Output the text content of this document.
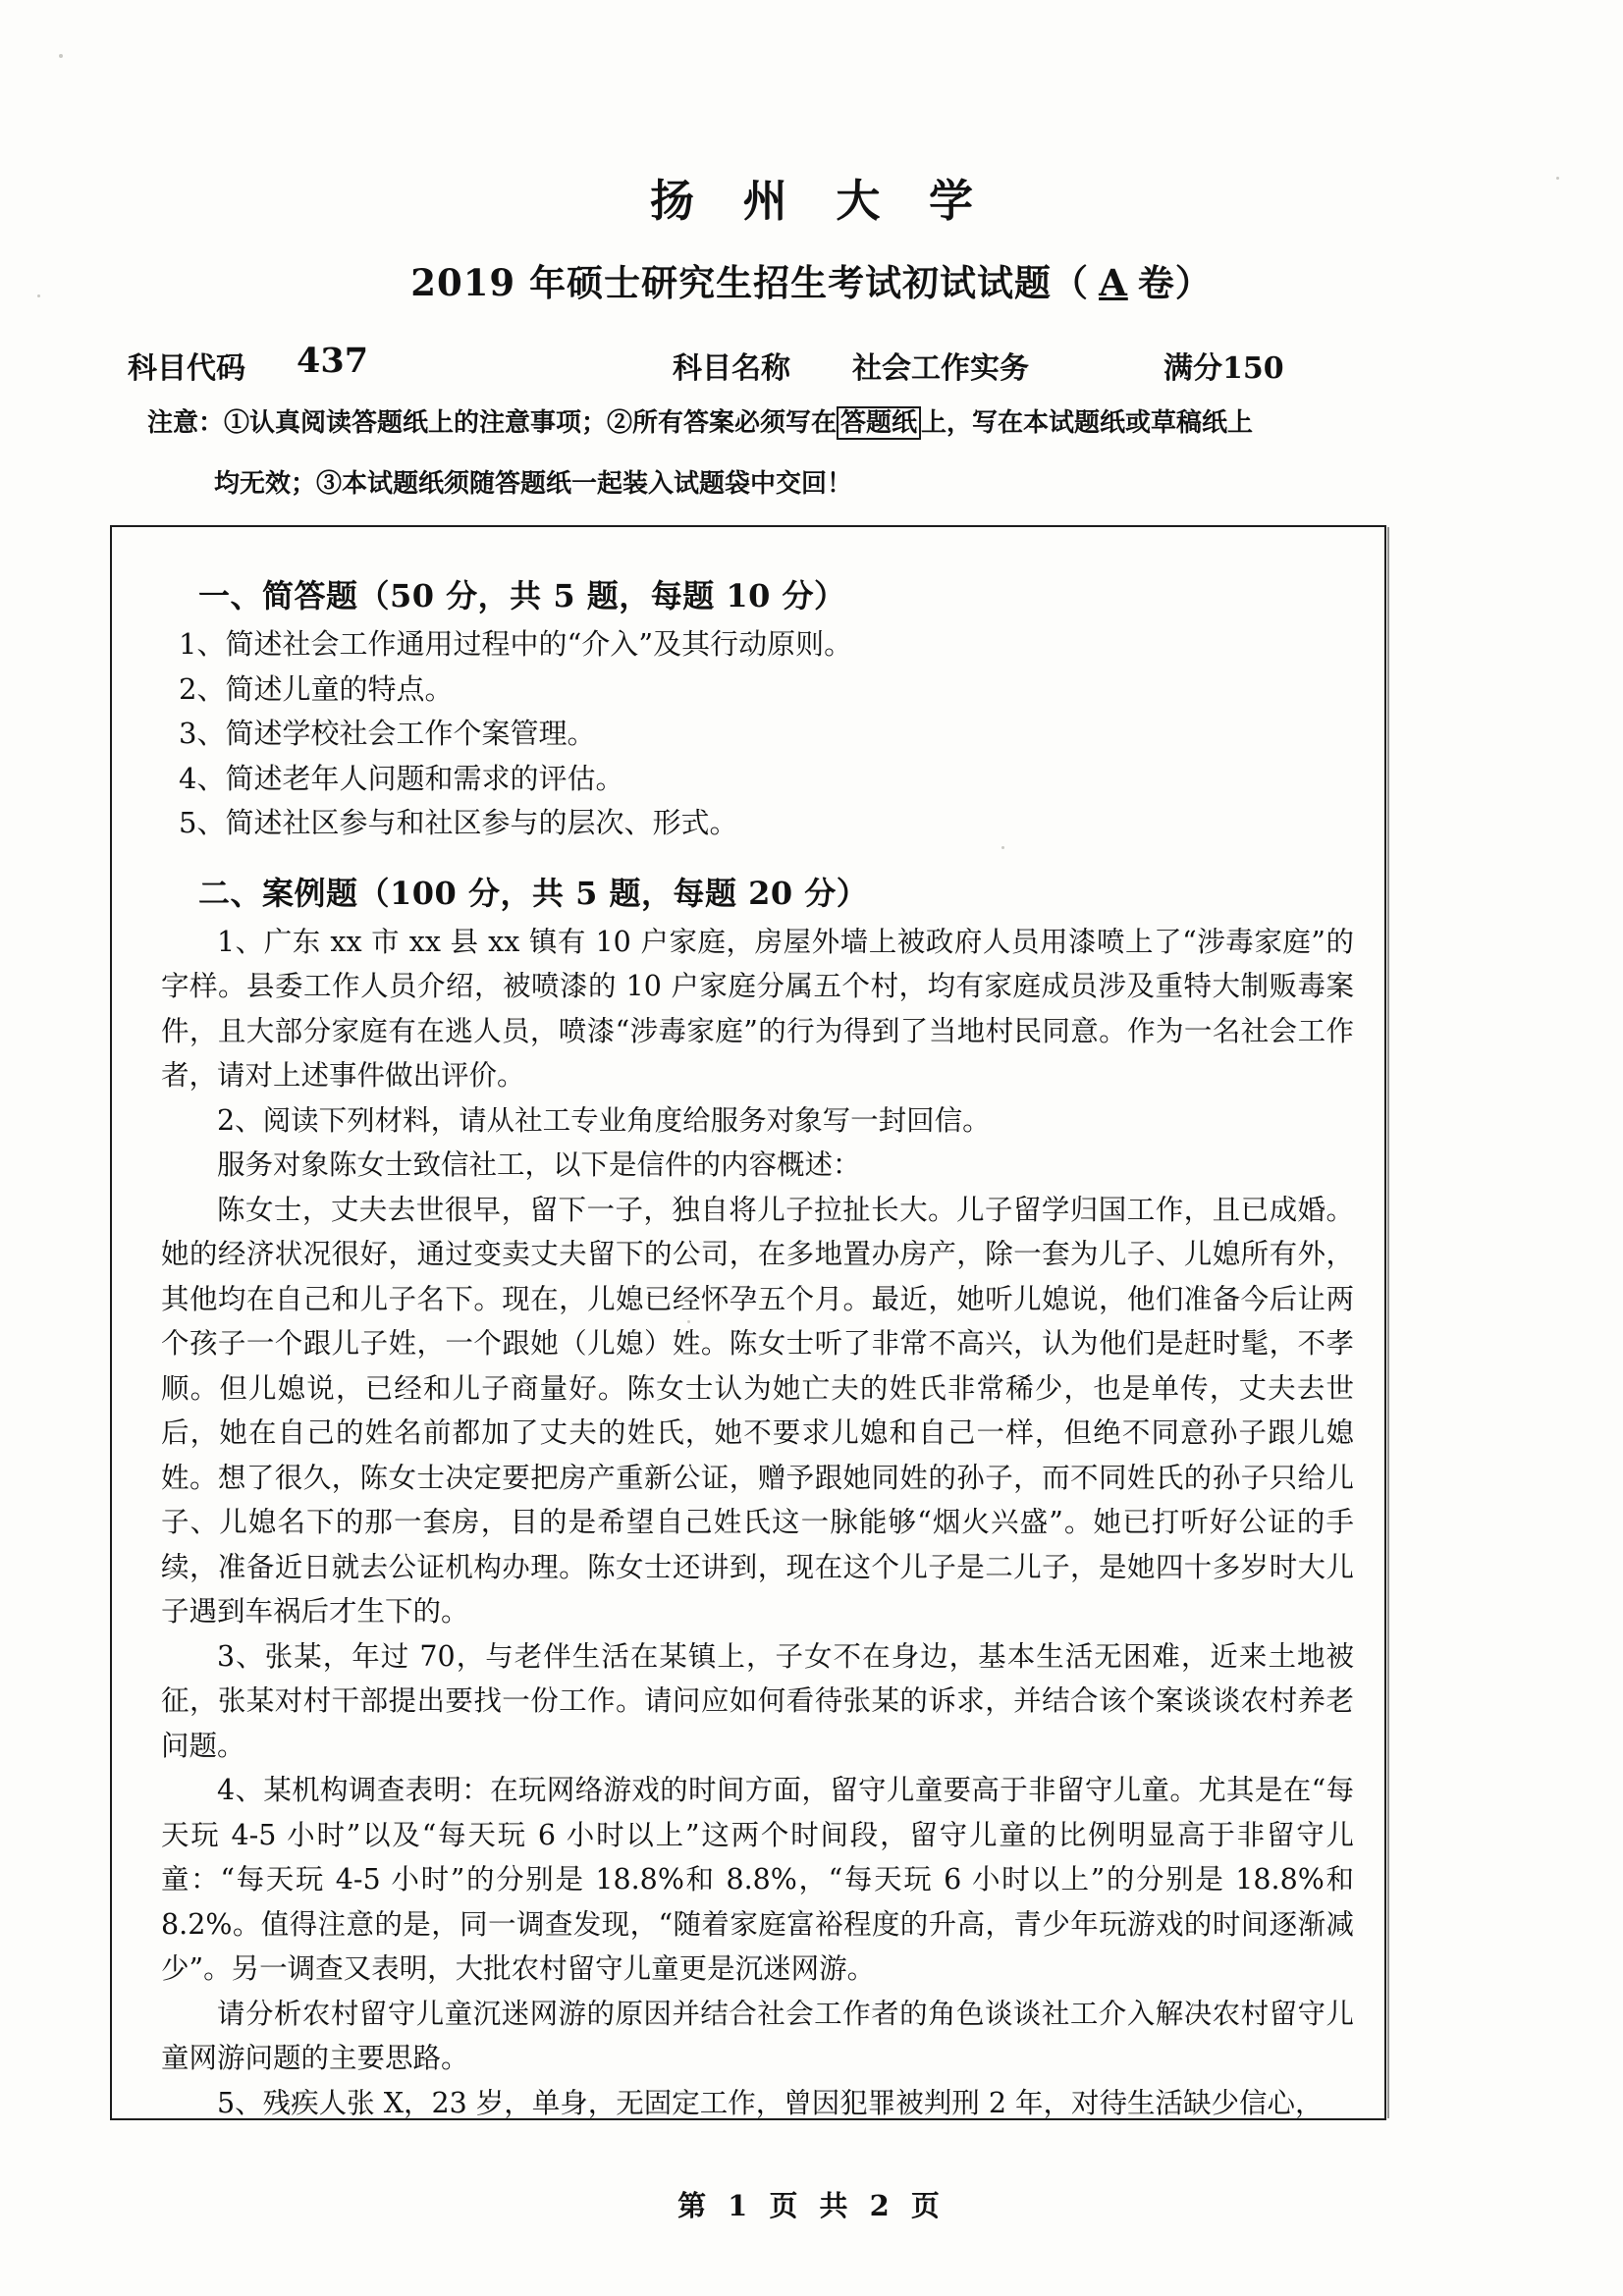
扬 州 大 学
2019 年硕士研究生招生考试初试试题（ A 卷）
科目代码 437	科目名称 社会工作实务	满分150
注意：①认真阅读答题纸上的注意事项；②所有答案必须写在 答题纸 上，写在本试题纸或草稿纸上
均无效；③本试题纸须随答题纸一起装入试题袋中交回！
一、简答题（50 分，共 5 题，每题 10 分）

1、简述社会工作通用过程中的“介入”及其行动原则。

2、简述儿童的特点。

3、简述学校社会工作个案管理。

4、简述老年人问题和需求的评估。

5、简述社区参与和社区参与的层次、形式。

二、案例题（100 分，共 5 题，每题 20 分）

1、广东 xx 市 xx 县 xx 镇有 10 户家庭，房屋外墙上被政府人员用漆喷上了“涉毒家庭”的字样。县委工作人员介绍，被喷漆的 10 户家庭分属五个村，均有家庭成员涉及重特大制贩毒案件，且大部分家庭有在逃人员，喷漆“涉毒家庭”的行为得到了当地村民同意。作为一名社会工作者，请对上述事件做出评价。

2、阅读下列材料，请从社工专业角度给服务对象写一封回信。

服务对象陈女士致信社工，以下是信件的内容概述：

陈女士，丈夫去世很早，留下一子，独自将儿子拉扯长大。儿子留学归国工作，且已成婚。她的经济状况很好，通过变卖丈夫留下的公司，在多地置办房产，除一套为儿子、儿媳所有外，其他均在自己和儿子名下。现在，儿媳已经怀孕五个月。最近，她听儿媳说，他们准备今后让两个孩子一个跟儿子姓，一个跟她（儿媳）姓。陈女士听了非常不高兴，认为他们是赶时髦，不孝顺。但儿媳说，已经和儿子商量好。陈女士认为她亡夫的姓氏非常稀少，也是单传，丈夫去世后，她在自己的姓名前都加了丈夫的姓氏，她不要求儿媳和自己一样，但绝不同意孙子跟儿媳姓。想了很久，陈女士决定要把房产重新公证，赠予跟她同姓的孙子，而不同姓氏的孙子只给儿子、儿媳名下的那一套房，目的是希望自己姓氏这一脉能够“烟火兴盛”。她已打听好公证的手续，准备近日就去公证机构办理。陈女士还讲到，现在这个儿子是二儿子，是她四十多岁时大儿子遇到车祸后才生下的。

3、张某，年过 70，与老伴生活在某镇上，子女不在身边，基本生活无困难，近来土地被征，张某对村干部提出要找一份工作。请问应如何看待张某的诉求，并结合该个案谈谈农村养老问题。

4、某机构调查表明：在玩网络游戏的时间方面，留守儿童要高于非留守儿童。尤其是在“每天玩 4-5 小时”以及“每天玩 6 小时以上”这两个时间段，留守儿童的比例明显高于非留守儿童：“每天玩 4-5 小时”的分别是 18.8%和 8.8%，“每天玩 6 小时以上”的分别是 18.8%和 8.2%。值得注意的是，同一调查发现，“随着家庭富裕程度的升高，青少年玩游戏的时间逐渐减少”。另一调查又表明，大批农村留守儿童更是沉迷网游。

请分析农村留守儿童沉迷网游的原因并结合社会工作者的角色谈谈社工介入解决农村留守儿童网游问题的主要思路。

5、残疾人张 X，23 岁，单身，无固定工作，曾因犯罪被判刑 2 年，对待生活缺少信心，

第 1 页 共 2 页
